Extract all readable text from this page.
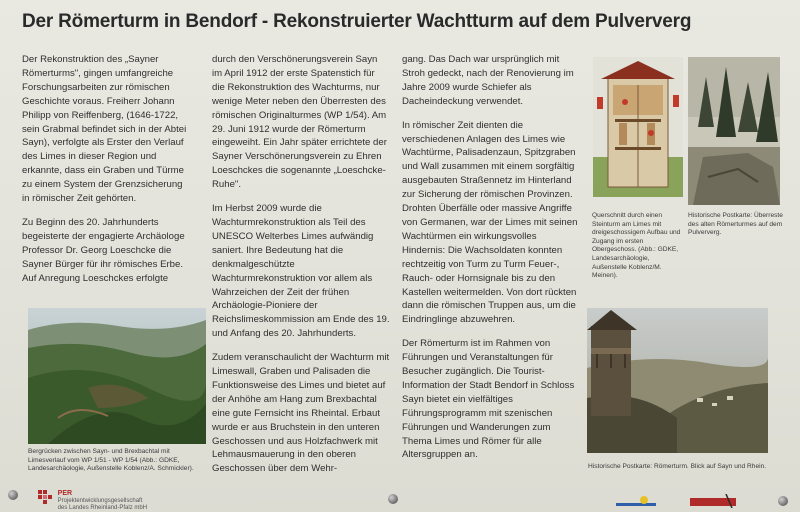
Der Römerturm in Bendorf - Rekonstruierter Wachtturm auf dem Pulververg

Der Rekonstruktion des „Sayner Römerturms", gingen umfangreiche Forschungsarbeiten zur römischen Geschichte voraus. Freiherr Johann Philipp von Reiffenberg, (1646-1722, sein Grabmal befindet sich in der Abtei Sayn), verfolgte als Erster den Verlauf des Limes in dieser Region und erkannte, dass ein Graben und Türme zu einem System der Grenzsicherung in römischer Zeit gehörten.

Zu Beginn des 20. Jahrhunderts begeisterte der engagierte Archäologe Professor Dr. Georg Loeschcke die Sayner Bürger für ihr römisches Erbe. Auf Anregung Loeschckes erfolgte

durch den Verschönerungsverein Sayn im April 1912 der erste Spatenstich für die Rekonstruktion des Wachturms, nur wenige Meter neben den Überresten des römischen Originalturmes (WP 1/54). Am 29. Juni 1912 wurde der Römerturm eingeweiht. Ein Jahr später errichtete der Sayner Verschönerungsverein zu Ehren Loeschckes die sogenannte „Loeschcke-Ruhe".

Im Herbst 2009 wurde die Wachturmrekonstruktion als Teil des UNESCO Welterbes Limes aufwändig saniert. Ihre Bedeutung hat die denkmalgeschützte Wachturmrekonstruktion vor allem als Wahrzeichen der Zeit der frühen Archäologie-Pioniere der Reichslimeskommission am Ende des 19. und Anfang des 20. Jahrhunderts.

Zudem veranschaulicht der Wachturm mit Limeswall, Graben und Palisaden die Funktionsweise des Limes und bietet auf der Anhöhe am Hang zum Brexbachtal eine gute Fernsicht ins Rheintal. Erbaut wurde er aus Bruchstein in den unteren Geschossen und aus Holzfachwerk mit Lehmausmauerung in den oberen Geschossen über dem Wehr-

gang. Das Dach war ursprünglich mit Stroh gedeckt, nach der Renovierung im Jahre 2009 wurde Schiefer als Dacheindeckung verwendet.

In römischer Zeit dienten die verschiedenen Anlagen des Limes wie Wachtürme, Palisadenzaun, Spitzgraben und Wall zusammen mit einem sorgfältig ausgebauten Straßennetz im Hinterland zur Sicherung der römischen Provinzen. Drohten Überfälle oder massive Angriffe von Germanen, war der Limes mit seinen Wachtürmen ein wirkungsvolles Hindernis: Die Wachsoldaten konnten rechtzeitig von Turm zu Turm Feuer-, Rauch- oder Hornsignale bis zu den Kastellen weitermelden. Von dort rückten dann die römischen Truppen aus, um die Eindringlinge abzuwehren.

Der Römerturm ist im Rahmen von Führungen und Veranstaltungen für Besucher zugänglich. Die Tourist-Information der Stadt Bendorf in Schloss Sayn bietet ein vielfältiges Führungsprogramm mit szenischen Führungen und Wanderungen zum Thema Limes und Römer für alle Altersgruppen an.

Bergrücken zwischen Sayn- und Brexbachtal mit Limesverlauf vom WP 1/51 - WP 1/54 (Abb.: GDKE, Landesarchäologie, Außenstelle Koblenz/A. Schmickler).
Querschnitt durch einen Steinturm am Limes mit dreigeschossigem Aufbau und Zugang im ersten Obergeschoss. (Abb.: GDKE, Landesarchäologie, Außenstelle Koblenz/M. Meinen).
Historische Postkarte: Überreste des alten Römerturmes auf dem Pulververg.
Historische Postkarte: Römerturm. Blick auf Sayn und Rhein.
PER
Projektentwicklungsgesellschaft
des Landes Rheinland-Pfalz mbH
